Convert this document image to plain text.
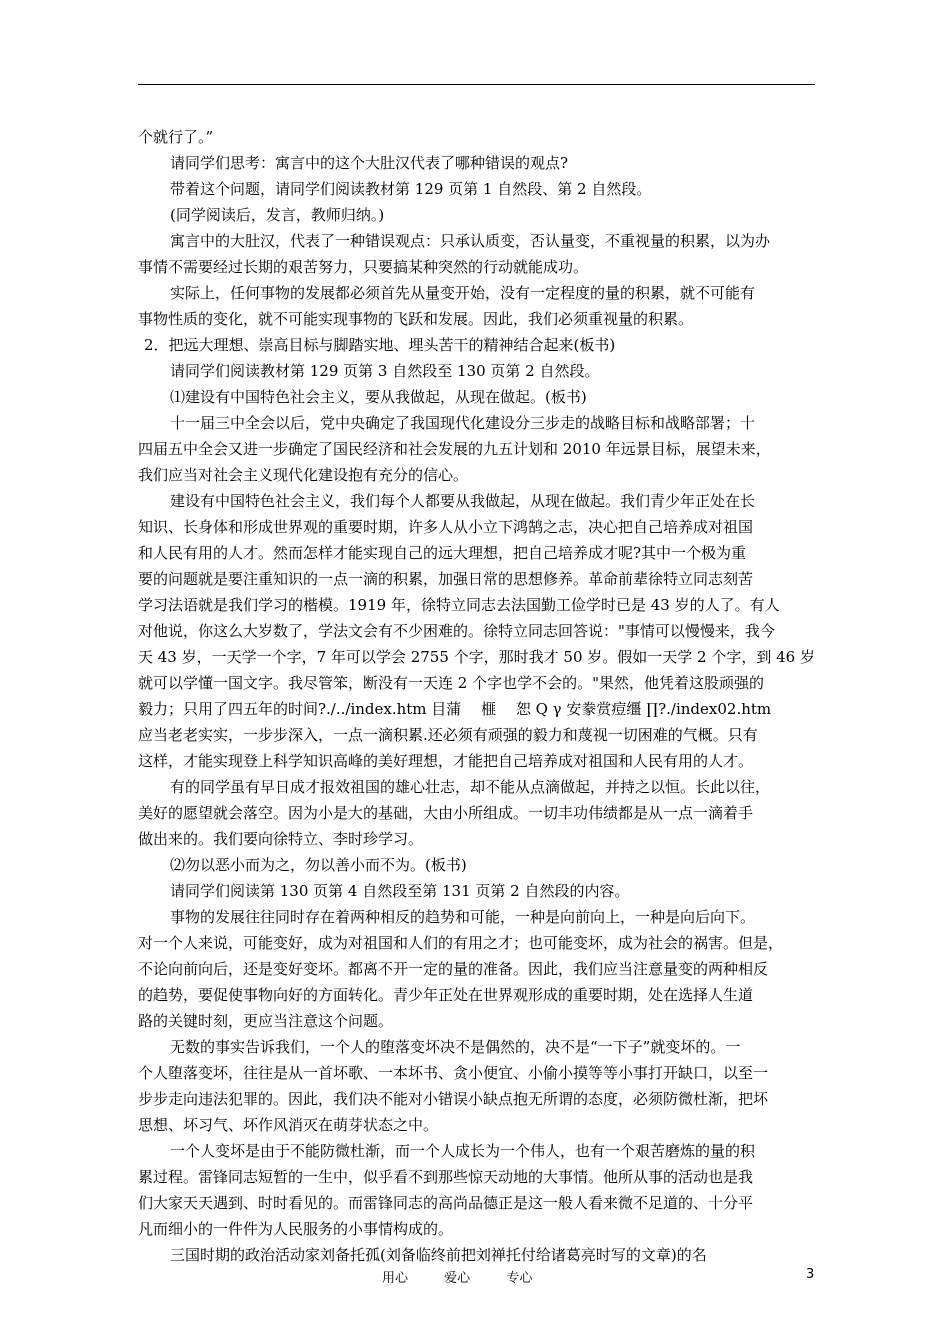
个就行了。”
请同学们思考：寓言中的这个大肚汉代表了哪种错误的观点?
带着这个问题，请同学们阅读教材第 129 页第 1 自然段、第 2 自然段。
(同学阅读后，发言，教师归纳。)
寓言中的大肚汉，代表了一种错误观点：只承认质变，否认量变，不重视量的积累，以为办
事情不需要经过长期的艰苦努力，只要搞某种突然的行动就能成功。
实际上，任何事物的发展都必须首先从量变开始，没有一定程度的量的积累，就不可能有
事物性质的变化，就不可能实现事物的飞跃和发展。因此，我们必须重视量的积累。
2．把远大理想、崇高目标与脚踏实地、埋头苦干的精神结合起来(板书)
请同学们阅读教材第 129 页第 3 自然段至 130 页第 2 自然段。
⑴建设有中国特色社会主义，要从我做起，从现在做起。(板书)
十一届三中全会以后，党中央确定了我国现代化建设分三步走的战略目标和战略部署；十
四届五中全会又进一步确定了国民经济和社会发展的九五计划和 2010 年远景目标，展望未来，
我们应当对社会主义现代化建设抱有充分的信心。
建设有中国特色社会主义，我们每个人都要从我做起，从现在做起。我们青少年正处在长
知识、长身体和形成世界观的重要时期，许多人从小立下鸿鹄之志，决心把自己培养成对祖国
和人民有用的人才。然而怎样才能实现自己的远大理想，把自己培养成才呢?其中一个极为重
要的问题就是要注重知识的一点一滴的积累，加强日常的思想修养。革命前辈徐特立同志刻苦
学习法语就是我们学习的楷模。1919 年，徐特立同志去法国勤工俭学时已是 43 岁的人了。有人
对他说，你这么大岁数了，学法文会有不少困难的。徐特立同志回答说："事情可以慢慢来，我今
天 43 岁，一天学一个字，7 年可以学会 2755 个字，那时我才 50 岁。假如一天学 2 个字，到 46 岁
就可以学懂一国文字。我尽管笨，断没有一天连 2 个字也学不会的。"果然，他凭着这股顽强的
毅力；只用了四五年的时间?./../index.htm 目蒲　 榧　 恕 Q γ 安豢赏痘缰 ∏?./index02.htm
应当老老实实，一步步深入，一点一滴积累.还必须有顽强的毅力和蔑视一切困难的气概。只有
这样，才能实现登上科学知识高峰的美好理想，才能把自己培养成对祖国和人民有用的人才。
有的同学虽有早日成才报效祖国的雄心壮志，却不能从点滴做起，并持之以恒。长此以往，
美好的愿望就会落空。因为小是大的基础，大由小所组成。一切丰功伟绩都是从一点一滴着手
做出来的。我们要向徐特立、李时珍学习。
⑵勿以恶小而为之，勿以善小而不为。(板书)
请同学们阅读第 130 页第 4 自然段至第 131 页第 2 自然段的内容。
事物的发展往往同时存在着两种相反的趋势和可能，一种是向前向上，一种是向后向下。
对一个人来说，可能变好，成为对祖国和人们的有用之才；也可能变坏，成为社会的祸害。但是，
不论向前向后，还是变好变坏。都离不开一定的量的准备。因此，我们应当注意量变的两种相反
的趋势，要促使事物向好的方面转化。青少年正处在世界观形成的重要时期，处在选择人生道
路的关键时刻，更应当注意这个问题。
无数的事实告诉我们，一个人的堕落变坏决不是偶然的，决不是“一下子”就变坏的。一
个人堕落变坏，往往是从一首坏歌、一本坏书、贪小便宜、小偷小摸等等小事打开缺口，以至一
步步走向违法犯罪的。因此，我们决不能对小错误小缺点抱无所谓的态度，必须防微杜渐，把坏
思想、坏习气、坏作风消灭在萌芽状态之中。
一个人变坏是由于不能防微杜渐，而一个人成长为一个伟人，也有一个艰苦磨炼的量的积
累过程。雷锋同志短暂的一生中，似乎看不到那些惊天动地的大事情。他所从事的活动也是我
们大家天天遇到、时时看见的。而雷锋同志的高尚品德正是这一般人看来微不足道的、十分平
凡而细小的一件件为人民服务的小事情构成的。
三国时期的政治活动家刘备托孤(刘备临终前把刘禅托付给诸葛亮时写的文章)的名
用心	爱心	专心	3
